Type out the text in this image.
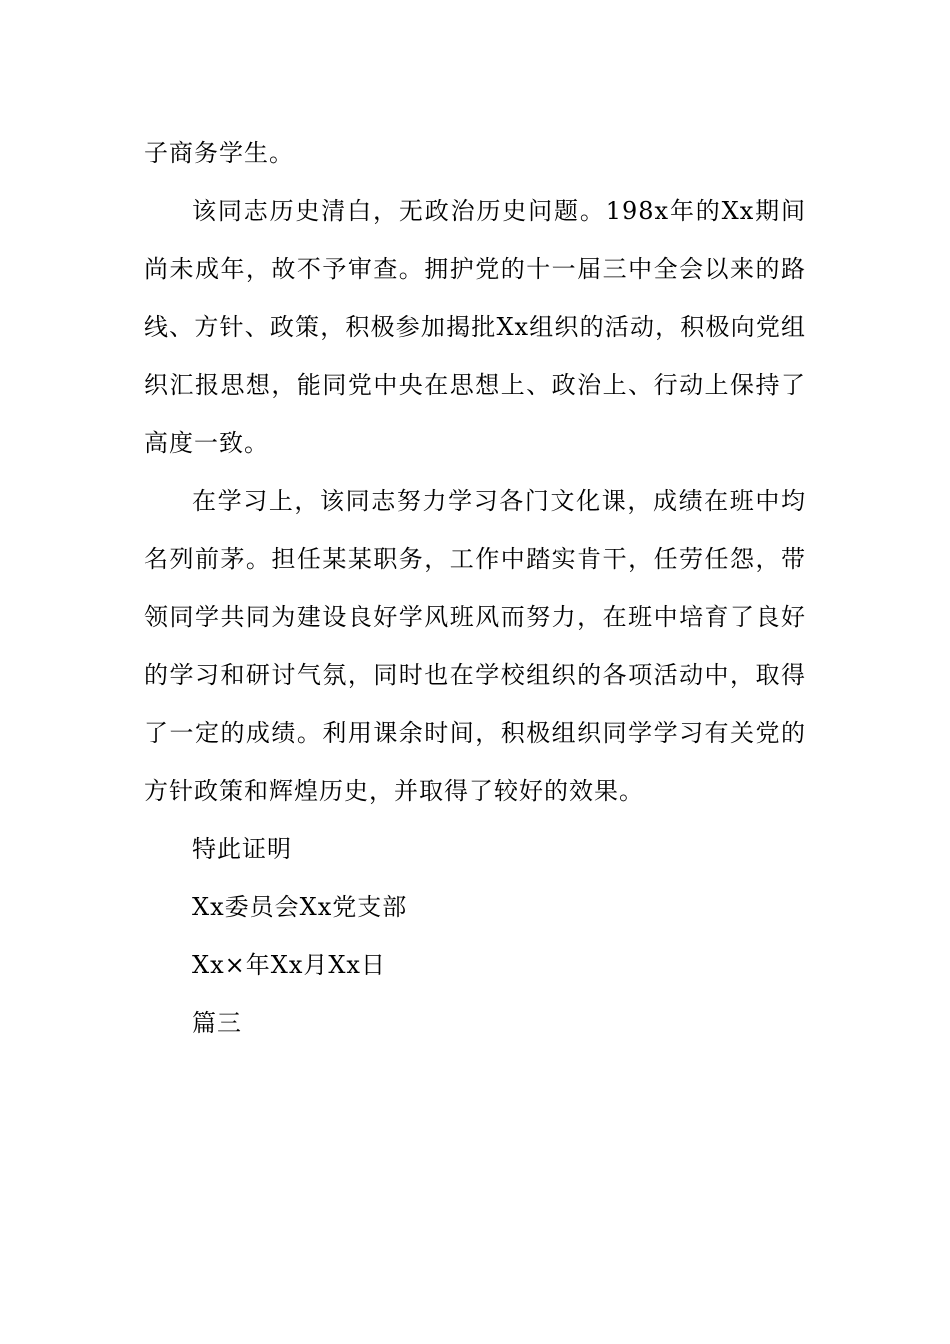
子商务学生。

该同志历史清白，无政治历史问题。198x年的Xx期间尚未成年，故不予审查。拥护党的十一届三中全会以来的路线、方针、政策，积极参加揭批Xx组织的活动，积极向党组织汇报思想，能同党中央在思想上、政治上、行动上保持了高度一致。

在学习上，该同志努力学习各门文化课，成绩在班中均名列前茅。担任某某职务，工作中踏实肯干，任劳任怨，带领同学共同为建设良好学风班风而努力，在班中培育了良好的学习和研讨气氛，同时也在学校组织的各项活动中，取得了一定的成绩。利用课余时间，积极组织同学学习有关党的方针政策和辉煌历史，并取得了较好的效果。

特此证明

Xx委员会Xx党支部

Xx×年Xx月Xx日

篇三
